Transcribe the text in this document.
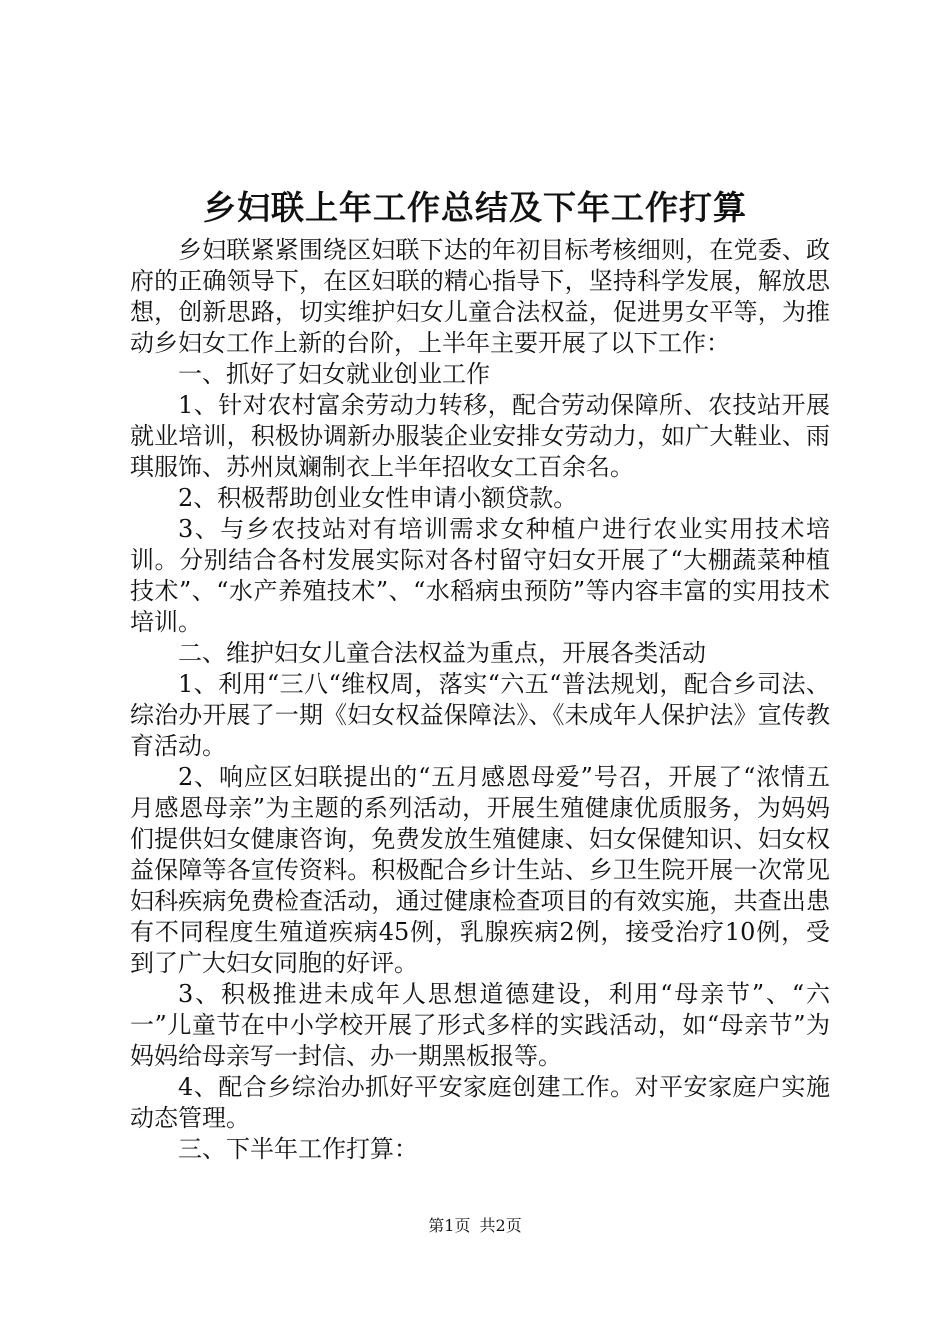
乡妇联上年工作总结及下年工作打算

乡妇联紧紧围绕区妇联下达的年初目标考核细则，在党委、政府的正确领导下，在区妇联的精心指导下，坚持科学发展，解放思想，创新思路，切实维护妇女儿童合法权益，促进男女平等，为推动乡妇女工作上新的台阶，上半年主要开展了以下工作：

一、抓好了妇女就业创业工作

1、针对农村富余劳动力转移，配合劳动保障所、农技站开展就业培训，积极协调新办服装企业安排女劳动力，如广大鞋业、雨琪服饰、苏州岚斓制衣上半年招收女工百余名。

2、积极帮助创业女性申请小额贷款。

3、与乡农技站对有培训需求女种植户进行农业实用技术培训。分别结合各村发展实际对各村留守妇女开展了“大棚蔬菜种植技术”、“水产养殖技术”、“水稻病虫预防”等内容丰富的实用技术培训。

二、维护妇女儿童合法权益为重点，开展各类活动

1、利用“三八“维权周，落实“六五“普法规划，配合乡司法、综治办开展了一期《妇女权益保障法》、《未成年人保护法》宣传教育活动。

2、响应区妇联提出的“五月感恩母爱”号召，开展了“浓情五月感恩母亲”为主题的系列活动，开展生殖健康优质服务，为妈妈们提供妇女健康咨询，免费发放生殖健康、妇女保健知识、妇女权益保障等各宣传资料。积极配合乡计生站、乡卫生院开展一次常见妇科疾病免费检查活动，通过健康检查项目的有效实施，共查出患有不同程度生殖道疾病45例，乳腺疾病2例，接受治疗10例，受到了广大妇女同胞的好评。

3、积极推进未成年人思想道德建设，利用“母亲节”、“六一”儿童节在中小学校开展了形式多样的实践活动，如“母亲节”为妈妈给母亲写一封信、办一期黑板报等。

4、配合乡综治办抓好平安家庭创建工作。对平安家庭户实施动态管理。

三、下半年工作打算：

第1页 共2页
